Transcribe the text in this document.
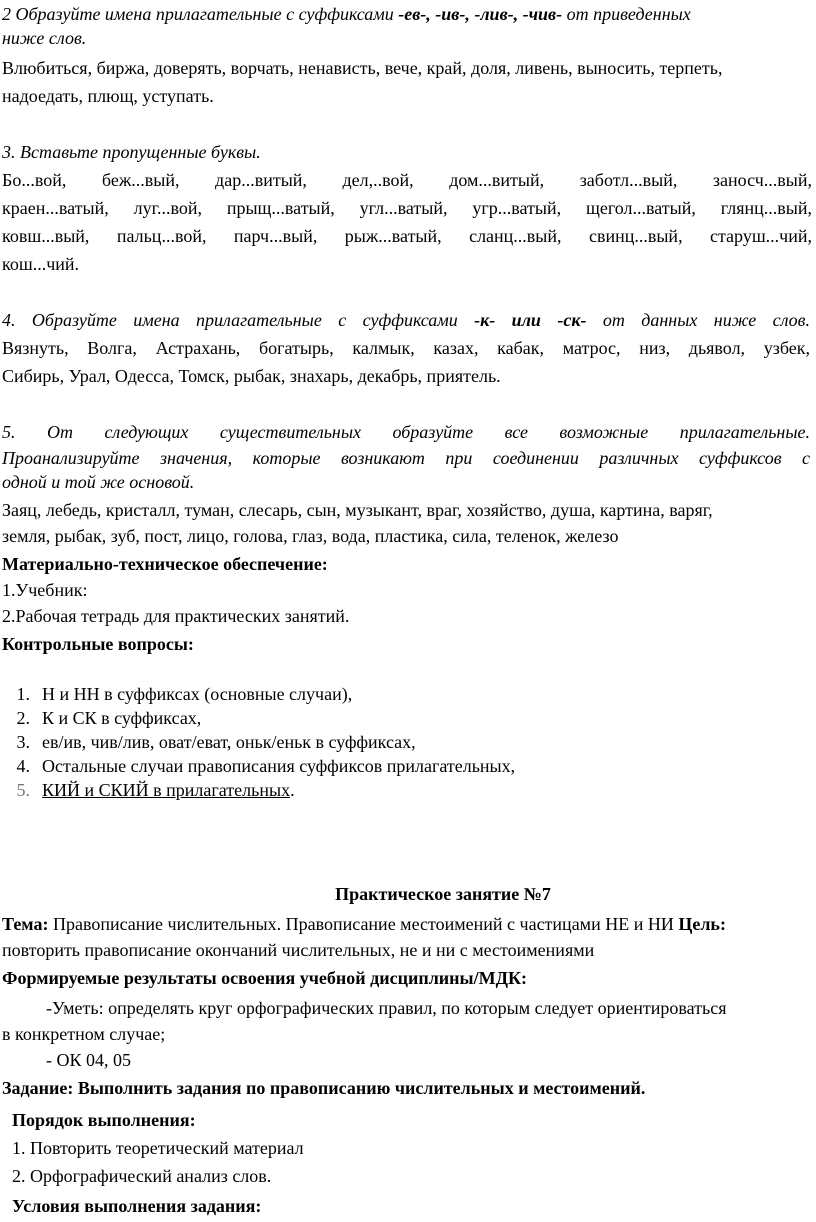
2 Образуйте имена прилагательные с суффиксами -ев-, -ив-, -лив-, -чив- от приведенных
ниже слов.
Влюбиться, биржа, доверять, ворчать, ненависть, вече, край, доля, ливень, выносить, терпеть,
надоедать, плющ, уступать.
3. Вставьте пропущенные буквы.
Бо...вой, беж...вый, дар...витый, дел,..вой, дом...витый, заботл...вый, заносч...вый,
краен...ватый, луг...вой, прыщ...ватый, угл...ватый, угр...ватый, щегол...ватый, глянц...вый,
ковш...вый, пальц...вой, парч...вый, рыж...ватый, сланц...вый, свинц...вый, старуш...чий,
кош...чий.
4. Образуйте имена прилагательные с суффиксами -к- или -ск- от данных ниже слов.
Вязнуть, Волга, Астрахань, богатырь, калмык, казах, кабак, матрос, низ, дьявол, узбек,
Сибирь, Урал, Одесса, Томск, рыбак, знахарь, декабрь, приятель.
5. От следующих существительных образуйте все возможные прилагательные.
Проанализируйте значения, которые возникают при соединении различных суффиксов с
одной и той же основой.
Заяц, лебедь, кристалл, туман, слесарь, сын, музыкант, враг, хозяйство, душа, картина, варяг,
земля, рыбак, зуб, пост, лицо, голова, глаз, вода, пластика, сила, теленок, железо
Материально-техническое обеспечение:
1.Учебник:
2.Рабочая тетрадь для практических занятий.
Контрольные вопросы:
1. Н и НН в суффиксах (основные случаи),
2. К и СК в суффиксах,
3. ев/ив, чив/лив, оват/еват, оньк/еньк в суффиксах,
4. Остальные случаи правописания суффиксов прилагательных,
5. КИЙ и СКИЙ в прилагательных.
Практическое занятие №7
Тема: Правописание числительных. Правописание местоимений с частицами НЕ и НИ Цель:
повторить правописание окончаний числительных, не и ни с местоимениями
Формируемые результаты освоения учебной дисциплины/МДК:
-Уметь: определять круг орфографических правил, по которым следует ориентироваться
в конкретном случае;
- ОК 04, 05
Задание: Выполнить задания по правописанию числительных и местоимений.
Порядок выполнения:
1. Повторить теоретический материал
2. Орфографический анализ слов.
Условия выполнения задания:
